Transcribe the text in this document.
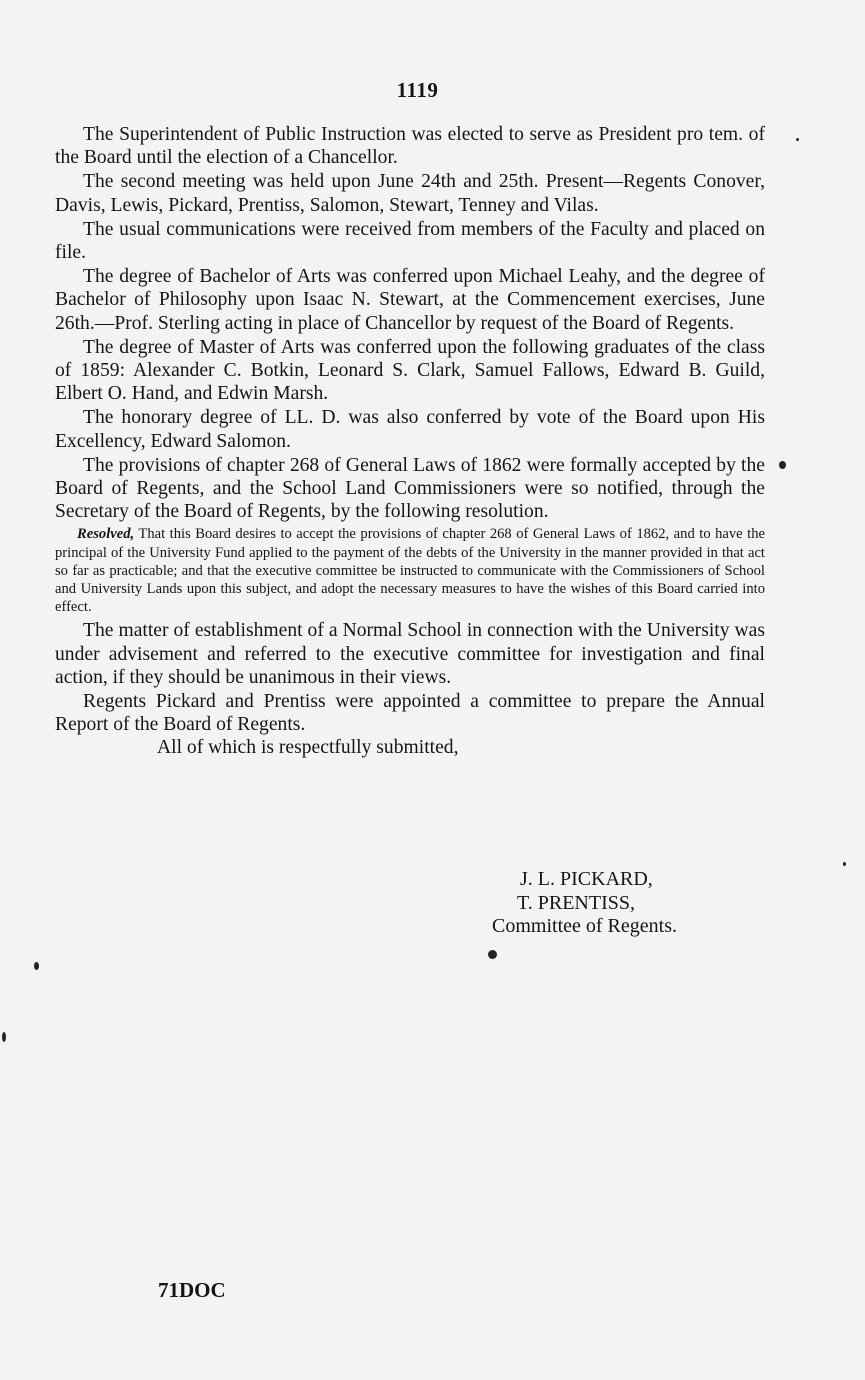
1119

The Superintendent of Public Instruction was elected to serve as President pro tem. of the Board until the election of a Chancellor.

The second meeting was held upon June 24th and 25th. Present—Regents Conover, Davis, Lewis, Pickard, Prentiss, Salomon, Stewart, Tenney and Vilas.

The usual communications were received from members of the Faculty and placed on file.

The degree of Bachelor of Arts was conferred upon Michael Leahy, and the degree of Bachelor of Philosophy upon Isaac N. Stewart, at the Commencement exercises, June 26th.—Prof. Sterling acting in place of Chancellor by request of the Board of Regents.

The degree of Master of Arts was conferred upon the following graduates of the class of 1859: Alexander C. Botkin, Leonard S. Clark, Samuel Fallows, Edward B. Guild, Elbert O. Hand, and Edwin Marsh.

The honorary degree of LL. D. was also conferred by vote of the Board upon His Excellency, Edward Salomon.

The provisions of chapter 268 of General Laws of 1862 were formally accepted by the Board of Regents, and the School Land Commissioners were so notified, through the Secretary of the Board of Regents, by the following resolution.

Resolved, That this Board desires to accept the provisions of chapter 268 of General Laws of 1862, and to have the principal of the University Fund applied to the payment of the debts of the University in the manner provided in that act so far as practicable; and that the executive committee be instructed to communicate with the Commissioners of School and University Lands upon this subject, and adopt the necessary measures to have the wishes of this Board carried into effect.

The matter of establishment of a Normal School in connection with the University was under advisement and referred to the executive committee for investigation and final action, if they should be unanimous in their views.

Regents Pickard and Prentiss were appointed a committee to prepare the Annual Report of the Board of Regents.

All of which is respectfully submitted,

J. L. PICKARD,
T. PRENTISS,
Committee of Regents.
71DOC
